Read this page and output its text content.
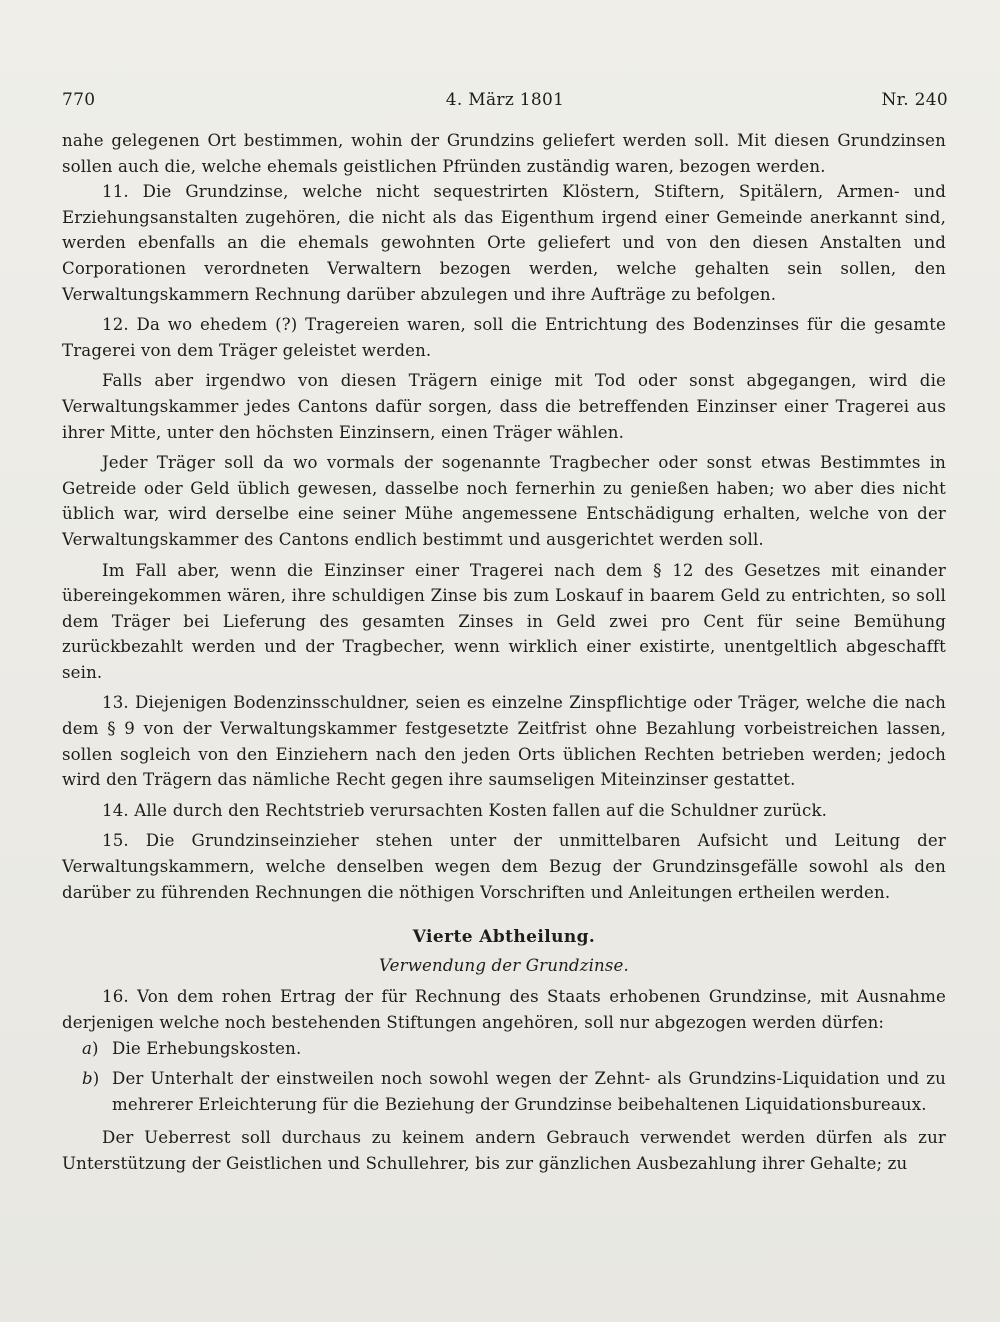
770	4. März 1801	Nr. 240

nahe gelegenen Ort bestimmen, wohin der Grundzins geliefert werden soll. Mit diesen Grundzinsen sollen auch die, welche ehemals geistlichen Pfründen zuständig waren, bezogen werden.

11. Die Grundzinse, welche nicht sequestrirten Klöstern, Stiftern, Spitälern, Armen- und Erziehungsanstalten zugehören, die nicht als das Eigenthum irgend einer Gemeinde anerkannt sind, werden ebenfalls an die ehemals gewohnten Orte geliefert und von den diesen Anstalten und Corporationen verordneten Verwaltern bezogen werden, welche gehalten sein sollen, den Verwaltungskammern Rechnung darüber abzulegen und ihre Aufträge zu befolgen.

12. Da wo ehedem (?) Tragereien waren, soll die Entrichtung des Bodenzinses für die gesamte Tragerei von dem Träger geleistet werden.

Falls aber irgendwo von diesen Trägern einige mit Tod oder sonst abgegangen, wird die Verwaltungskammer jedes Cantons dafür sorgen, dass die betreffenden Einzinser einer Tragerei aus ihrer Mitte, unter den höchsten Einzinsern, einen Träger wählen.

Jeder Träger soll da wo vormals der sogenannte Tragbecher oder sonst etwas Bestimmtes in Getreide oder Geld üblich gewesen, dasselbe noch fernerhin zu genießen haben; wo aber dies nicht üblich war, wird derselbe eine seiner Mühe angemessene Entschädigung erhalten, welche von der Verwaltungskammer des Cantons endlich bestimmt und ausgerichtet werden soll.

Im Fall aber, wenn die Einzinser einer Tragerei nach dem § 12 des Gesetzes mit einander übereingekommen wären, ihre schuldigen Zinse bis zum Loskauf in baarem Geld zu entrichten, so soll dem Träger bei Lieferung des gesamten Zinses in Geld zwei pro Cent für seine Bemühung zurückbezahlt werden und der Tragbecher, wenn wirklich einer existirte, unentgeltlich abgeschafft sein.

13. Diejenigen Bodenzinsschuldner, seien es einzelne Zinspflichtige oder Träger, welche die nach dem § 9 von der Verwaltungskammer festgesetzte Zeitfrist ohne Bezahlung vorbeistreichen lassen, sollen sogleich von den Einziehern nach den jeden Orts üblichen Rechten betrieben werden; jedoch wird den Trägern das nämliche Recht gegen ihre saumseligen Miteinzinser gestattet.

14. Alle durch den Rechtstrieb verursachten Kosten fallen auf die Schuldner zurück.

15. Die Grundzinseinzieher stehen unter der unmittelbaren Aufsicht und Leitung der Verwaltungskammern, welche denselben wegen dem Bezug der Grundzinsgefälle sowohl als den darüber zu führenden Rechnungen die nöthigen Vorschriften und Anleitungen ertheilen werden.

Vierte Abtheilung.
Verwendung der Grundzinse.

16. Von dem rohen Ertrag der für Rechnung des Staats erhobenen Grundzinse, mit Ausnahme derjenigen welche noch bestehenden Stiftungen angehören, soll nur abgezogen werden dürfen:

a) Die Erhebungskosten.
b) Der Unterhalt der einstweilen noch sowohl wegen der Zehnt- als Grundzins-Liquidation und zu mehrerer Erleichterung für die Beziehung der Grundzinse beibehaltenen Liquidationsbureaux.

Der Ueberrest soll durchaus zu keinem andern Gebrauch verwendet werden dürfen als zur Unterstützung der Geistlichen und Schullehrer, bis zur gänzlichen Ausbezahlung ihrer Gehalte; zu
